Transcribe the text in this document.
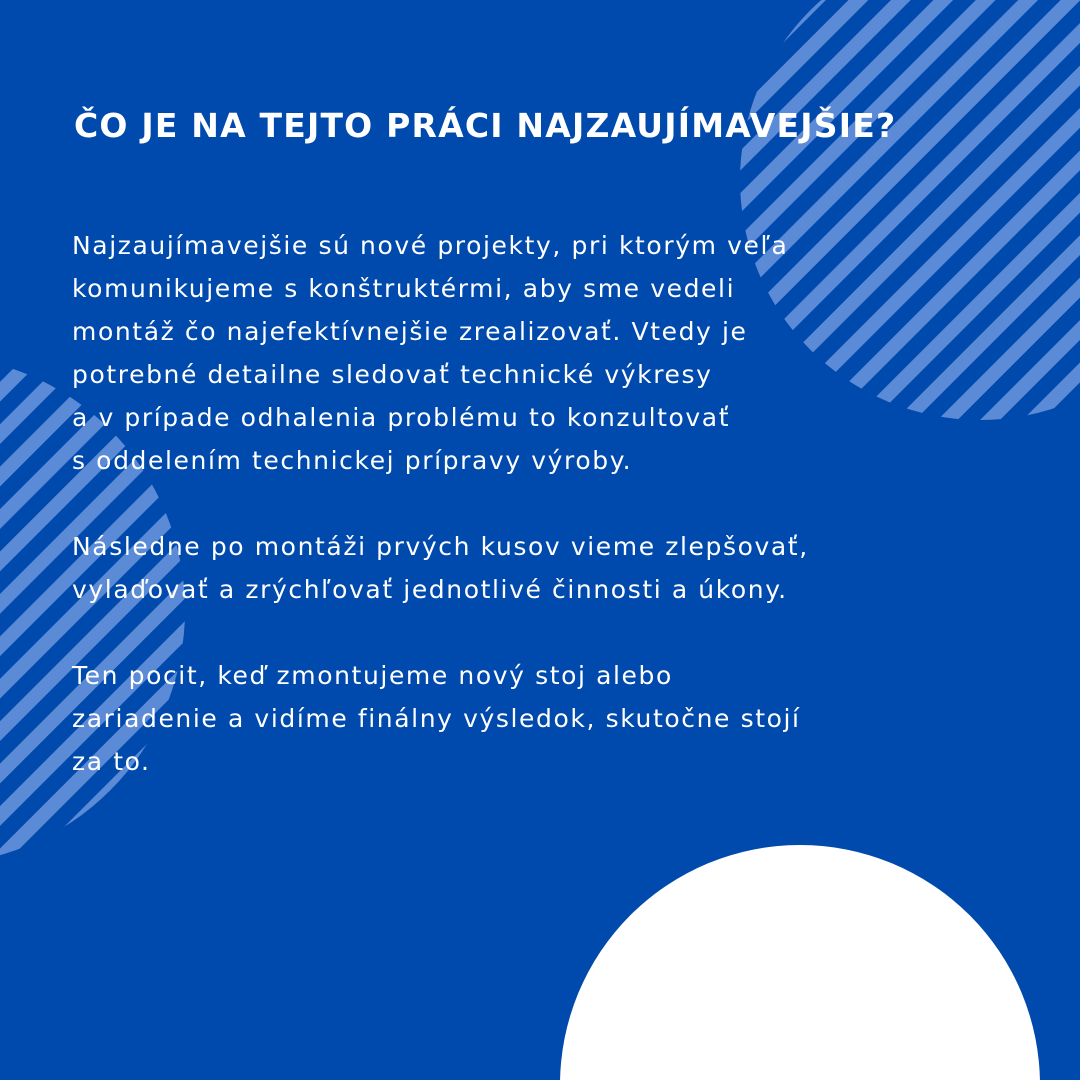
ČO JE NA TEJTO PRÁCI NAJZAUJÍMAVEJŠIE?

Najzaujímavejšie sú nové projekty, pri ktorým veľa
komunikujeme s konštruktérmi, aby sme vedeli
montáž čo najefektívnejšie zrealizovať. Vtedy je
potrebné detailne sledovať technické výkresy
a v prípade odhalenia problému to konzultovať
s oddelením technickej prípravy výroby.

Následne po montáži prvých kusov vieme zlepšovať,
vylaďovať a zrýchľovať jednotlivé činnosti a úkony.

Ten pocit, keď zmontujeme nový stoj alebo
zariadenie a vidíme finálny výsledok, skutočne stojí
za to.
